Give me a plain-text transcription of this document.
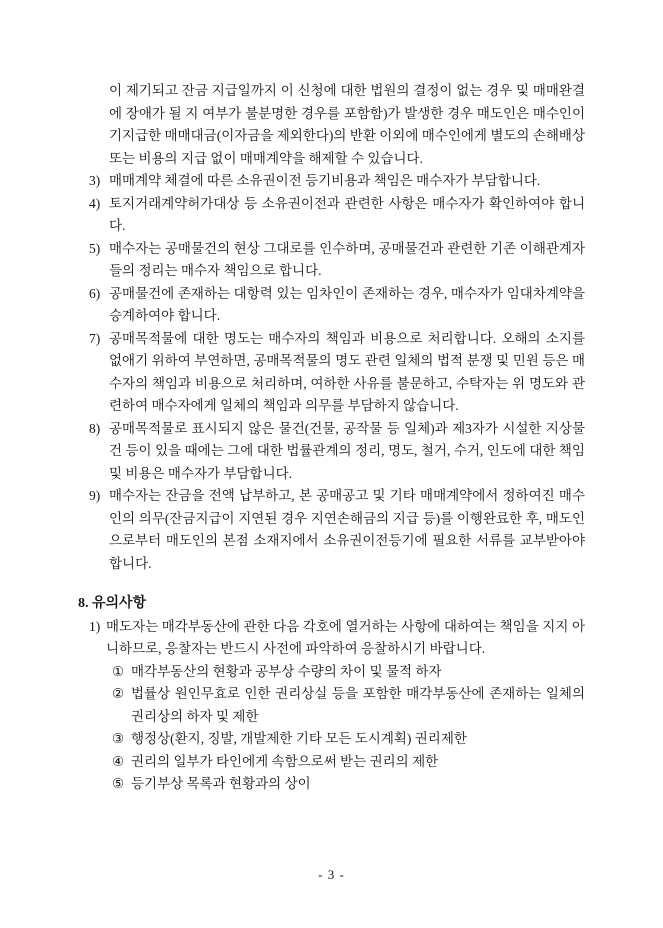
이 제기되고 잔금 지급일까지 이 신청에 대한 법원의 결정이 없는 경우 및 매매완결에 장애가 될 지 여부가 불분명한 경우를 포함함)가 발생한 경우 매도인은 매수인이 기지급한 매매대금(이자금을 제외한다)의 반환 이외에 매수인에게 별도의 손해배상 또는 비용의 지급 없이 매매계약을 해제할 수 있습니다.

3) 매매계약 체결에 따른 소유권이전 등기비용과 책임은 매수자가 부담합니다.
4) 토지거래계약허가대상 등 소유권이전과 관련한 사항은 매수자가 확인하여야 합니다.
5) 매수자는 공매물건의 현상 그대로를 인수하며, 공매물건과 관련한 기존 이해관계자들의 정리는 매수자 책임으로 합니다.
6) 공매물건에 존재하는 대항력 있는 임차인이 존재하는 경우, 매수자가 임대차계약을 승계하여야 합니다.
7) 공매목적물에 대한 명도는 매수자의 책임과 비용으로 처리합니다. 오해의 소지를 없애기 위하여 부연하면, 공매목적물의 명도 관련 일체의 법적 분쟁 및 민원 등은 매수자의 책임과 비용으로 처리하며, 여하한 사유를 불문하고, 수탁자는 위 명도와 관련하여 매수자에게 일체의 책임과 의무를 부담하지 않습니다.
8) 공매목적물로 표시되지 않은 물건(건물, 공작물 등 일체)과 제3자가 시설한 지상물건 등이 있을 때에는 그에 대한 법률관계의 정리, 명도, 철거, 수거, 인도에 대한 책임 및 비용은 매수자가 부담합니다.
9) 매수자는 잔금을 전액 납부하고, 본 공매공고 및 기타 매매계약에서 정하여진 매수인의 의무(잔금지급이 지연된 경우 지연손해금의 지급 등)를 이행완료한 후, 매도인으로부터 매도인의 본점 소재지에서 소유권이전등기에 필요한 서류를 교부받아야 합니다.
8. 유의사항
1) 매도자는 매각부동산에 관한 다음 각호에 열거하는 사항에 대하여는 책임을 지지 아니하므로, 응찰자는 반드시 사전에 파악하여 응찰하시기 바랍니다.
① 매각부동산의 현황과 공부상 수량의 차이 및 물적 하자
② 법률상 원인무효로 인한 권리상실 등을 포함한 매각부동산에 존재하는 일체의 권리상의 하자 및 제한
③ 행정상(환지, 징발, 개발제한 기타 모든 도시계획) 권리제한
④ 권리의 일부가 타인에게 속함으로써 받는 권리의 제한
⑤ 등기부상 목록과 현황과의 상이
- 3 -
